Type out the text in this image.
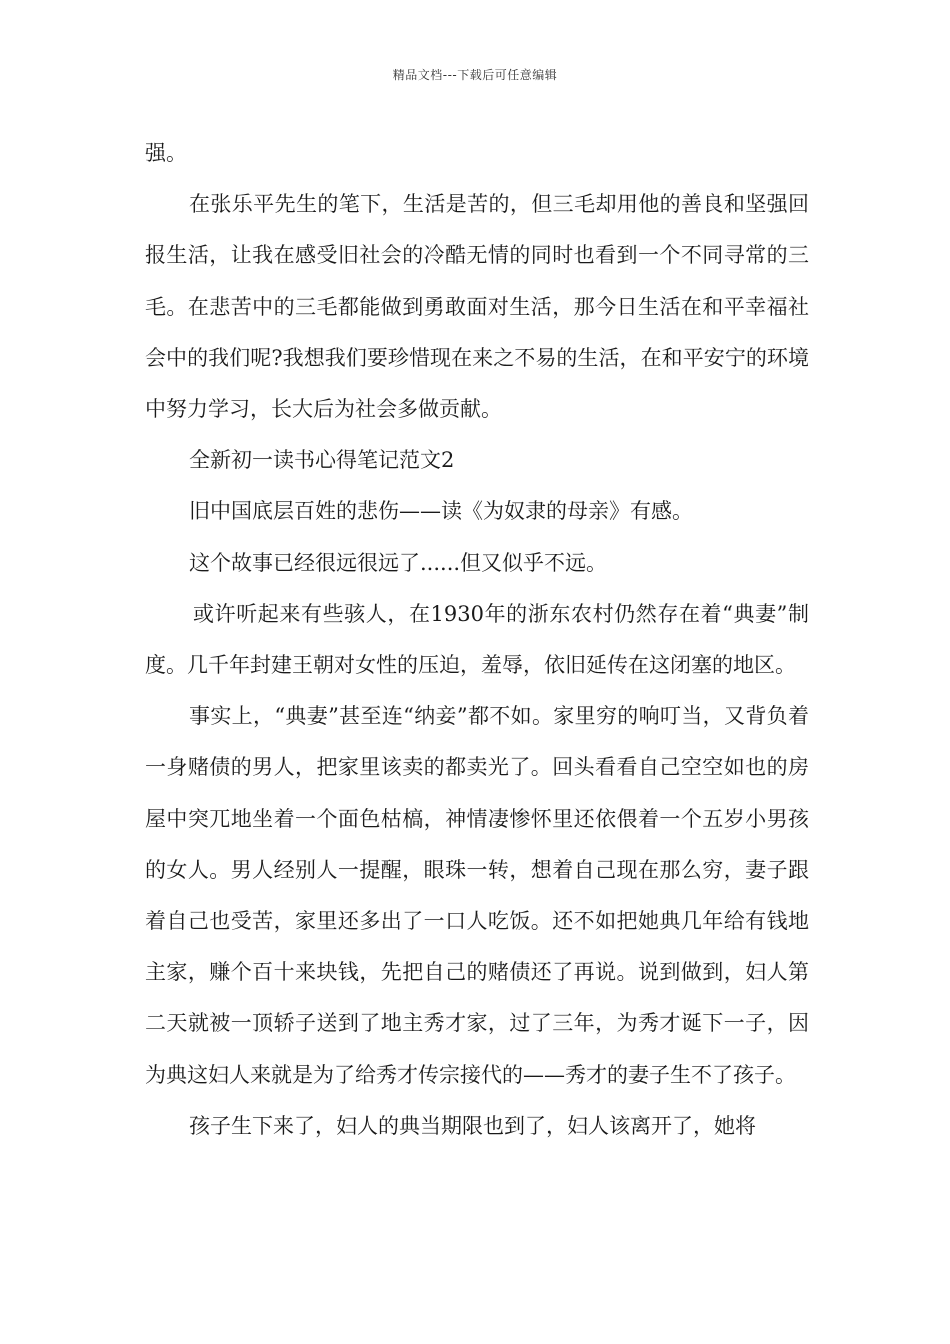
精品文档---下载后可任意编辑

强。

在张乐平先生的笔下，生活是苦的，但三毛却用他的善良和坚强回报生活，让我在感受旧社会的冷酷无情的同时也看到一个不同寻常的三毛。在悲苦中的三毛都能做到勇敢面对生活，那今日生活在和平幸福社会中的我们呢?我想我们要珍惜现在来之不易的生活，在和平安宁的环境中努力学习，长大后为社会多做贡献。

全新初一读书心得笔记范文2

旧中国底层百姓的悲伤——读《为奴隶的母亲》有感。

这个故事已经很远很远了......但又似乎不远。

或许听起来有些骇人，在1930年的浙东农村仍然存在着“典妻”制度。几千年封建王朝对女性的压迫，羞辱，依旧延传在这闭塞的地区。

事实上，“典妻”甚至连“纳妾”都不如。家里穷的响叮当，又背负着一身赌债的男人，把家里该卖的都卖光了。回头看看自己空空如也的房屋中突兀地坐着一个面色枯槁，神情凄惨怀里还依偎着一个五岁小男孩的女人。男人经别人一提醒，眼珠一转，想着自己现在那么穷，妻子跟着自己也受苦，家里还多出了一口人吃饭。还不如把她典几年给有钱地主家，赚个百十来块钱，先把自己的赌债还了再说。说到做到，妇人第二天就被一顶轿子送到了地主秀才家，过了三年，为秀才诞下一子，因为典这妇人来就是为了给秀才传宗接代的——秀才的妻子生不了孩子。

孩子生下来了，妇人的典当期限也到了，妇人该离开了，她将
